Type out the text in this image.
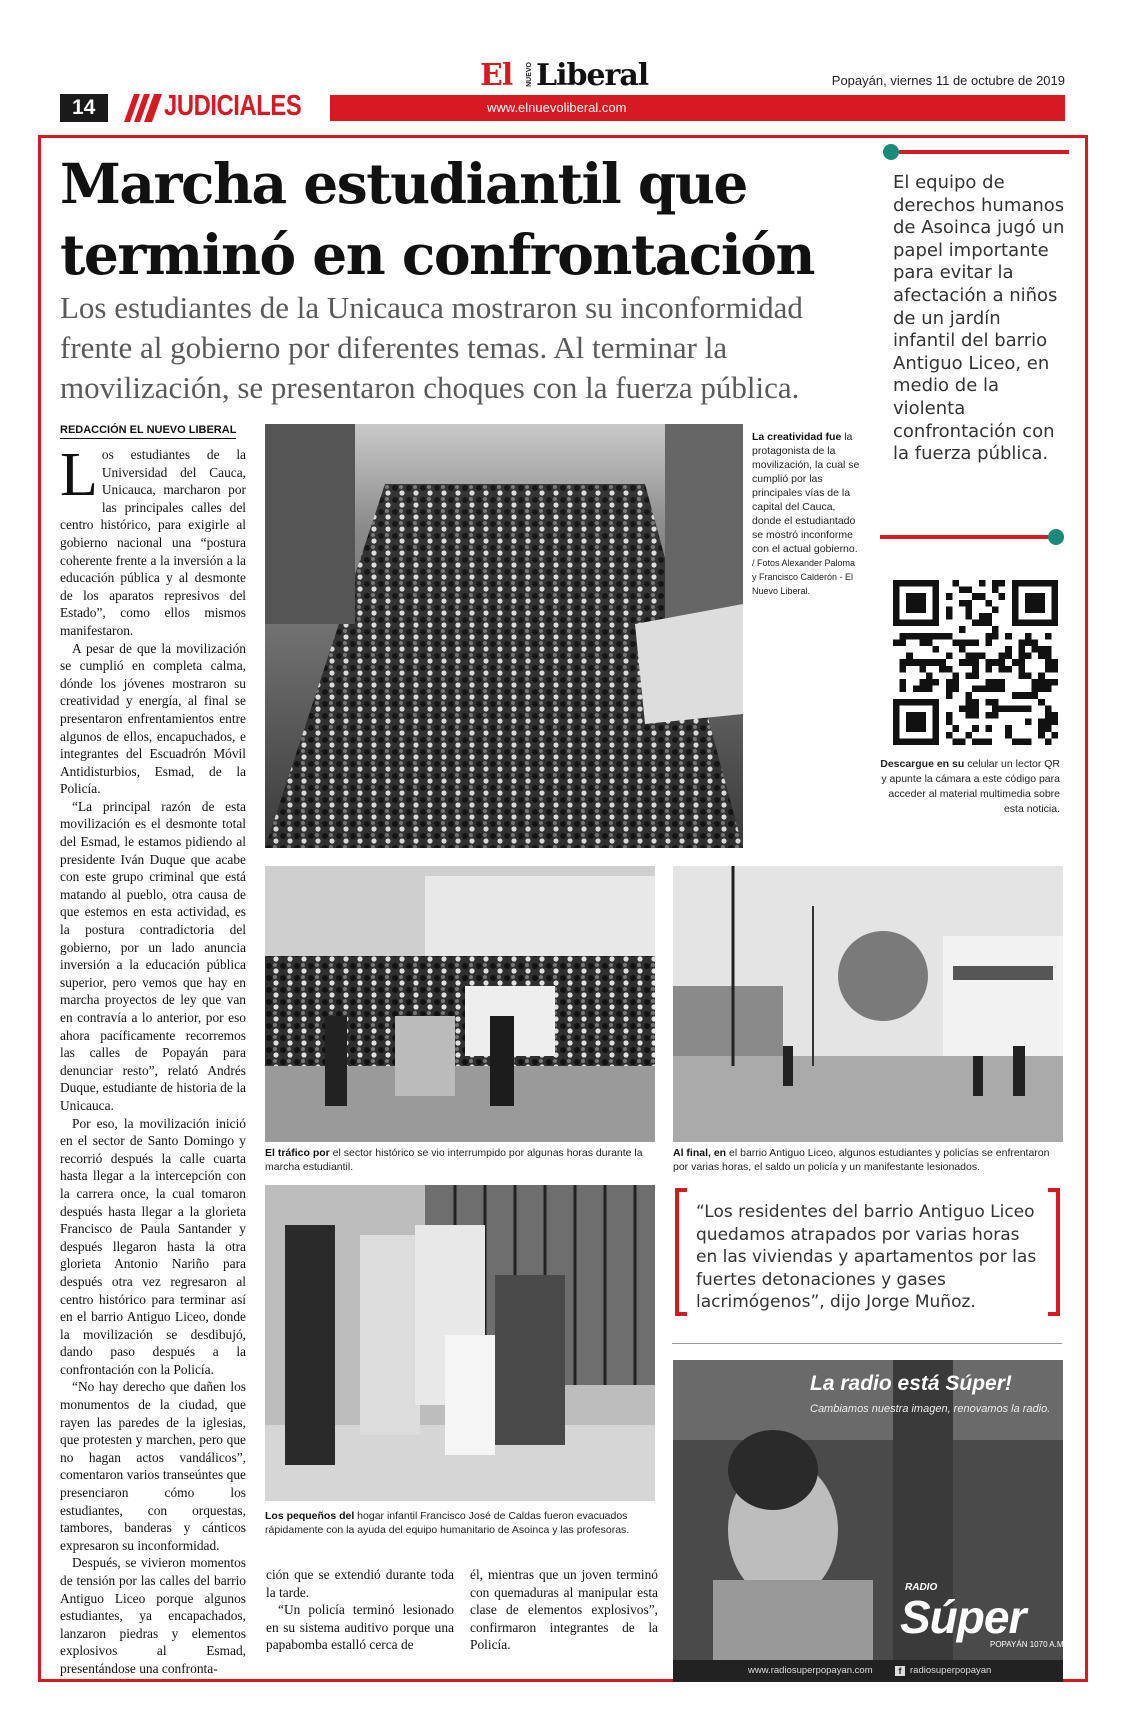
El NUEVO Liberal	Popayán, viernes 11 de octubre de 2019
www.elnuevoliberal.com
14	JUDICIALES
Marcha estudiantil que
terminó en confrontación
Los estudiantes de la Unicauca mostraron su inconformidad frente al gobierno por diferentes temas. Al terminar la movilización, se presentaron choques con la fuerza pública.
El equipo de derechos humanos de Asoinca jugó un papel importante para evitar la afectación a niños de un jardín infantil del barrio Antiguo Liceo, en medio de la violenta confrontación con la fuerza pública.
Descargue en su celular un lector QR y apunte la cámara a este código para acceder al material multimedia sobre esta noticia.
REDACCIÓN EL NUEVO LIBERAL

Los estudiantes de la Universidad del Cauca, Unicauca, marcharon por las principales calles del centro histórico, para exigirle al gobierno nacional una “postura coherente frente a la inversión a la educación pública y al desmonte de los aparatos represivos del Estado”, como ellos mismos manifestaron.

A pesar de que la movilización se cumplió en completa calma, dónde los jóvenes mostraron su creatividad y energía, al final se presentaron enfrentamientos entre algunos de ellos, encapuchados, e integrantes del Escuadrón Móvil Antidisturbios, Esmad, de la Policía.

“La principal razón de esta movilización es el desmonte total del Esmad, le estamos pidiendo al presidente Iván Duque que acabe con este grupo criminal que está matando al pueblo, otra causa de que estemos en esta actividad, es la postura contradictoria del gobierno, por un lado anuncia inversión a la educación pública superior, pero vemos que hay en marcha proyectos de ley que van en contravía a lo anterior, por eso ahora pacíficamente recorremos las calles de Popayán para denunciar resto”, relató Andrés Duque, estudiante de historia de la Unicauca.

Por eso, la movilización inició en el sector de Santo Domingo y recorrió después la calle cuarta hasta llegar a la intercepción con la carrera once, la cual tomaron después hasta llegar a la glorieta Francisco de Paula Santander y después llegaron hasta la otra glorieta Antonio Nariño para después otra vez regresaron al centro histórico para terminar así en el barrio Antiguo Liceo, donde la movilización se desdibujó, dando paso después a la confrontación con la Policía.

“No hay derecho que dañen los monumentos de la ciudad, que rayen las paredes de la iglesias, que protesten y marchen, pero que no hagan actos vandálicos”, comentaron varios transeúntes que presenciaron cómo los estudiantes, con orquestas, tambores, banderas y cánticos expresaron su inconformidad.

Después, se vivieron momentos de tensión por las calles del barrio Antiguo Liceo porque algunos estudiantes, ya encapachados, lanzaron piedras y elementos explosivos al Esmad, presentándose una confronta-

ción que se extendió durante toda la tarde.

“Un policía terminó lesionado en su sistema auditivo porque una papabomba estalló cerca de

él, mientras que un joven terminó con quemaduras al manipular esta clase de elementos explosivos”, confirmaron integrantes de la Policía.

La creatividad fue la protagonista de la movilización, la cual se cumplió por las principales vías de la capital del Cauca, donde el estudiantado se mostró inconforme con el actual gobierno. / Fotos Alexander Paloma y Francisco Calderón - El Nuevo Liberal.
El tráfico por el sector histórico se vio interrumpido por algunas horas durante la marcha estudiantil.
Al final, en el barrio Antiguo Liceo, algunos estudiantes y policías se enfrentaron por varias horas, el saldo un policía y un manifestante lesionados.
Los pequeños del hogar infantil Francisco José de Caldas fueron evacuados rápidamente con la ayuda del equipo humanitario de Asoinca y las profesoras.
“Los residentes del barrio Antiguo Liceo quedamos atrapados por varias horas en las viviendas y apartamentos por las fuertes detonaciones y gases lacrimógenos”, dijo Jorge Muñoz.
La radio está Súper!
Cambiamos nuestra imagen, renovamos la radio.
RADIO
Súper
POPAYÁN 1070 A.M.
www.radiosuperpopayan.com	f radiosuperpopayan
